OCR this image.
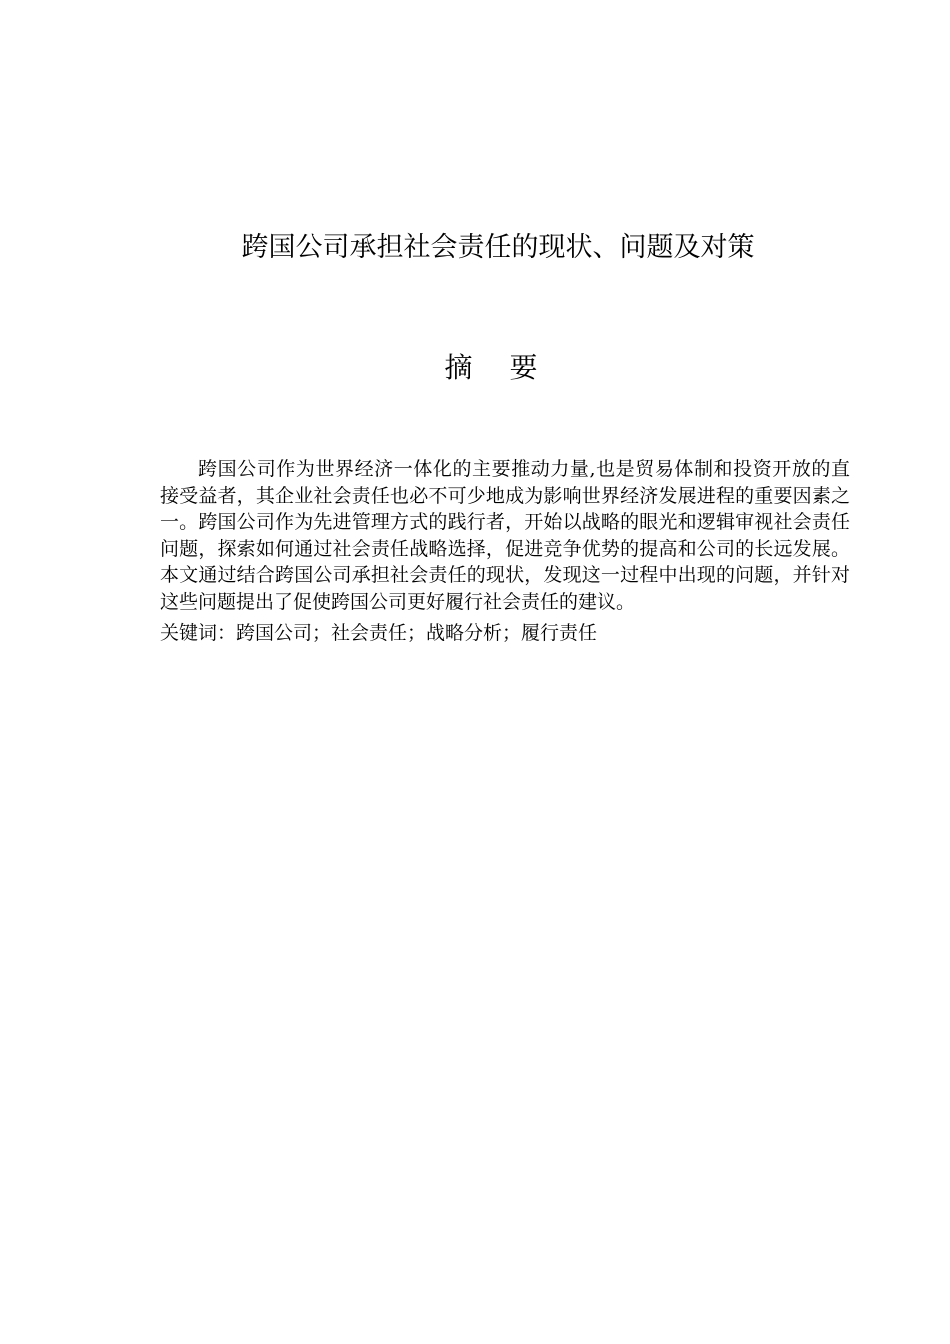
跨国公司承担社会责任的现状、问题及对策
摘 要

跨国公司作为世界经济一体化的主要推动力量,也是贸易体制和投资开放的直接受益者，其企业社会责任也必不可少地成为影响世界经济发展进程的重要因素之一。跨国公司作为先进管理方式的践行者，开始以战略的眼光和逻辑审视社会责任问题，探索如何通过社会责任战略选择，促进竞争优势的提高和公司的长远发展。本文通过结合跨国公司承担社会责任的现状，发现这一过程中出现的问题，并针对这些问题提出了促使跨国公司更好履行社会责任的建议。

关键词：跨国公司；社会责任；战略分析；履行责任
